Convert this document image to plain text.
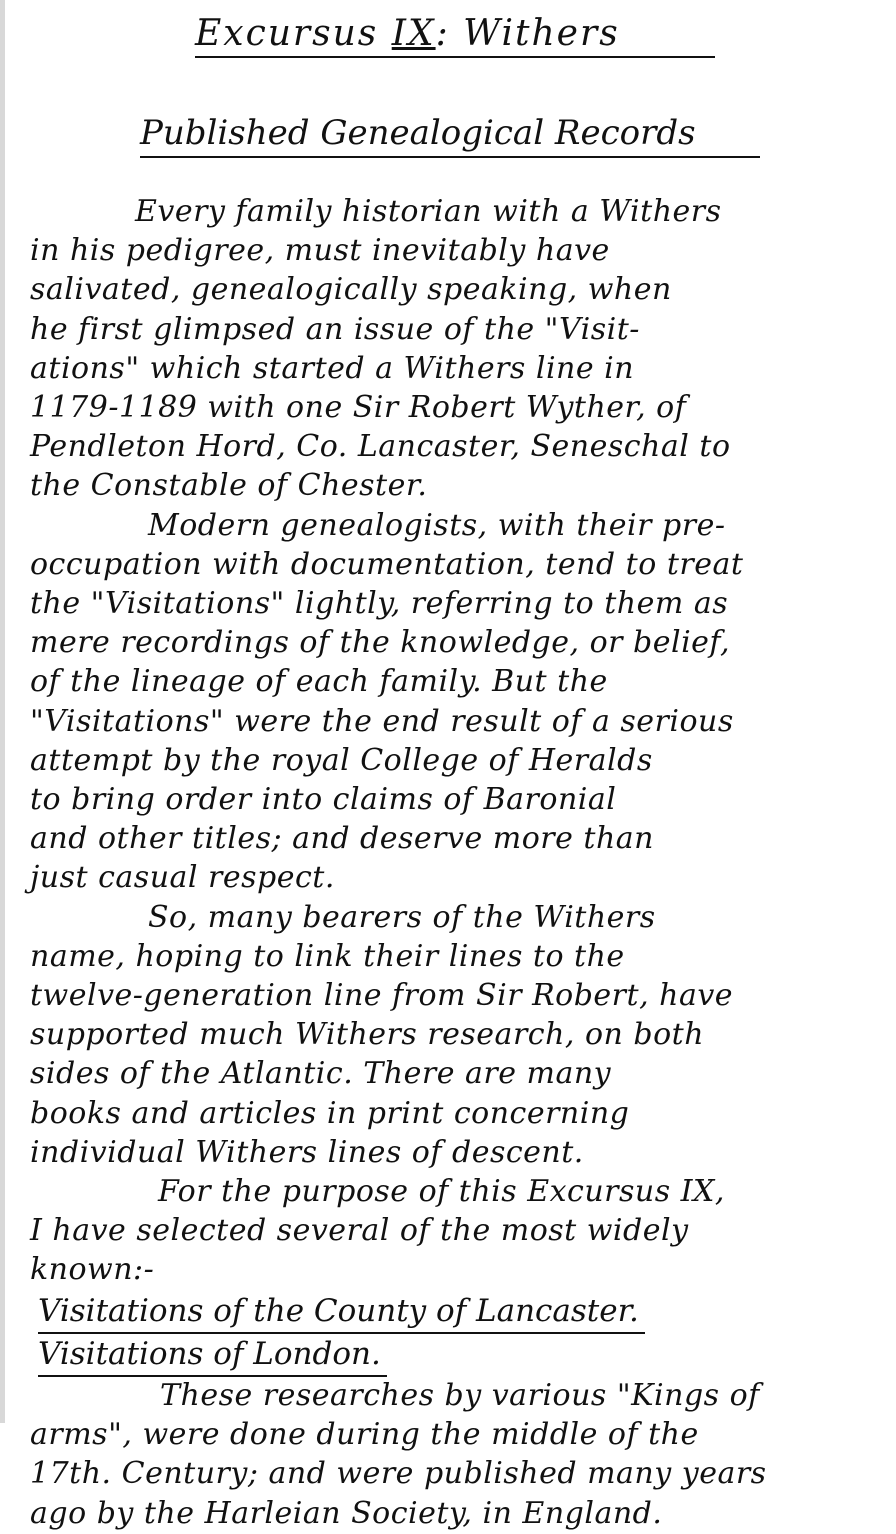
Excursus IX: Withers
Published Genealogical Records
Every family historian with a Withers
in his pedigree, must inevitably have
salivated, genealogically speaking, when
he first glimpsed an issue of the "Visit-
ations" which started a Withers line in
1179-1189 with one Sir Robert Wyther, of
Pendleton Hord, Co. Lancaster, Seneschal to
the Constable of Chester.
Modern genealogists, with their pre-
occupation with documentation, tend to treat
the "Visitations" lightly, referring to them as
mere recordings of the knowledge, or belief,
of the lineage of each family. But the
"Visitations" were the end result of a serious
attempt by the royal College of Heralds
to bring order into claims of Baronial
and other titles; and deserve more than
just casual respect.
So, many bearers of the Withers
name, hoping to link their lines to the
twelve-generation line from Sir Robert, have
supported much Withers research, on both
sides of the Atlantic. There are many
books and articles in print concerning
individual Withers lines of descent.
For the purpose of this Excursus IX,
I have selected several of the most widely
known:-
Visitations of the County of Lancaster.
Visitations of London.
These researches by various "Kings of
arms", were done during the middle of the
17th. Century; and were published many years
ago by the Harleian Society, in England.
